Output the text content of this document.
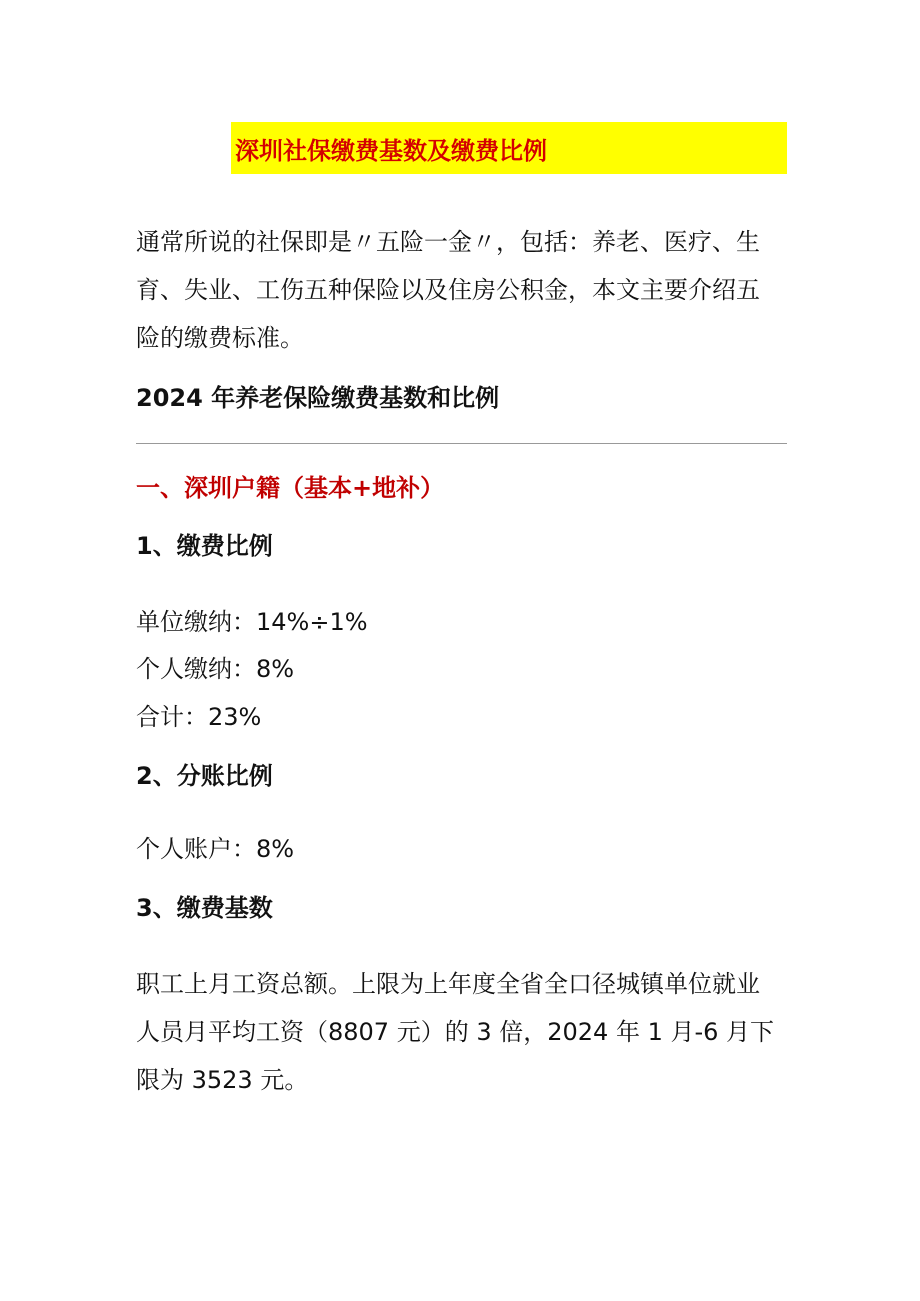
深圳社保缴费基数及缴费比例
通常所说的社保即是〃五险一金〃，包括：养老、医疗、生
育、失业、工伤五种保险以及住房公积金，本文主要介绍五
险的缴费标准。
2024 年养老保险缴费基数和比例
一、深圳户籍（基本+地补）
1、缴费比例
单位缴纳：14%÷1%
个人缴纳：8%
合计：23%
2、分账比例
个人账户：8%
3、缴费基数
职工上月工资总额。上限为上年度全省全口径城镇单位就业
人员月平均工资（8807 元）的 3 倍，2024 年 1 月-6 月下
限为 3523 元。
